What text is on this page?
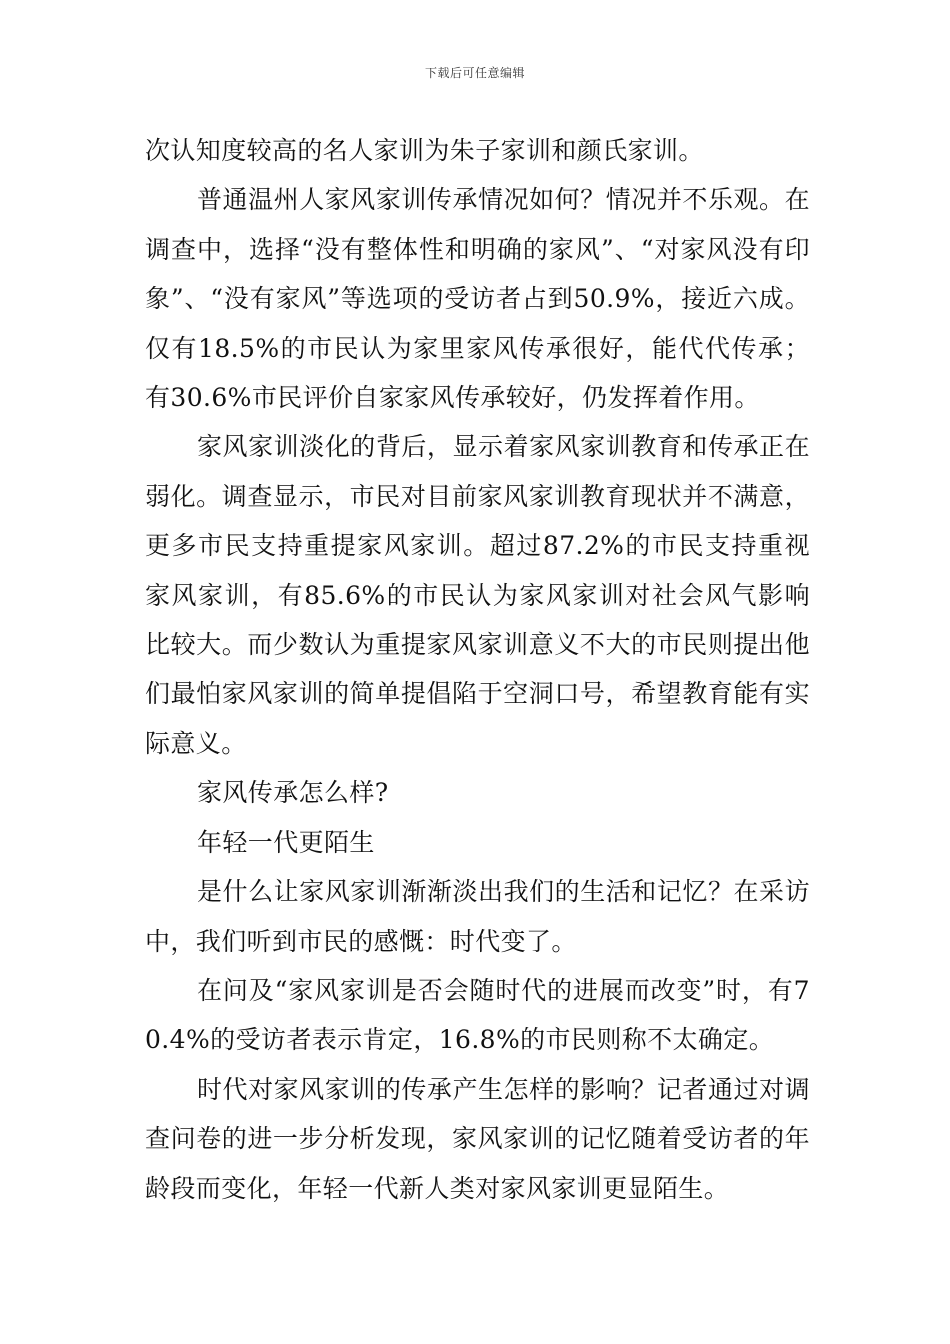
下载后可任意编辑

次认知度较高的名人家训为朱子家训和颜氏家训。

普通温州人家风家训传承情况如何？情况并不乐观。在调查中，选择“没有整体性和明确的家风”、“对家风没有印象”、“没有家风”等选项的受访者占到50.9%，接近六成。仅有18.5%的市民认为家里家风传承很好，能代代传承；有30.6%市民评价自家家风传承较好，仍发挥着作用。

家风家训淡化的背后，显示着家风家训教育和传承正在弱化。调查显示，市民对目前家风家训教育现状并不满意，更多市民支持重提家风家训。超过87.2%的市民支持重视家风家训，有85.6%的市民认为家风家训对社会风气影响比较大。而少数认为重提家风家训意义不大的市民则提出他们最怕家风家训的简单提倡陷于空洞口号，希望教育能有实际意义。

家风传承怎么样?

年轻一代更陌生

是什么让家风家训渐渐淡出我们的生活和记忆？在采访中，我们听到市民的感慨：时代变了。

在问及“家风家训是否会随时代的进展而改变”时，有70.4%的受访者表示肯定，16.8%的市民则称不太确定。

时代对家风家训的传承产生怎样的影响？记者通过对调查问卷的进一步分析发现，家风家训的记忆随着受访者的年龄段而变化，年轻一代新人类对家风家训更显陌生。
